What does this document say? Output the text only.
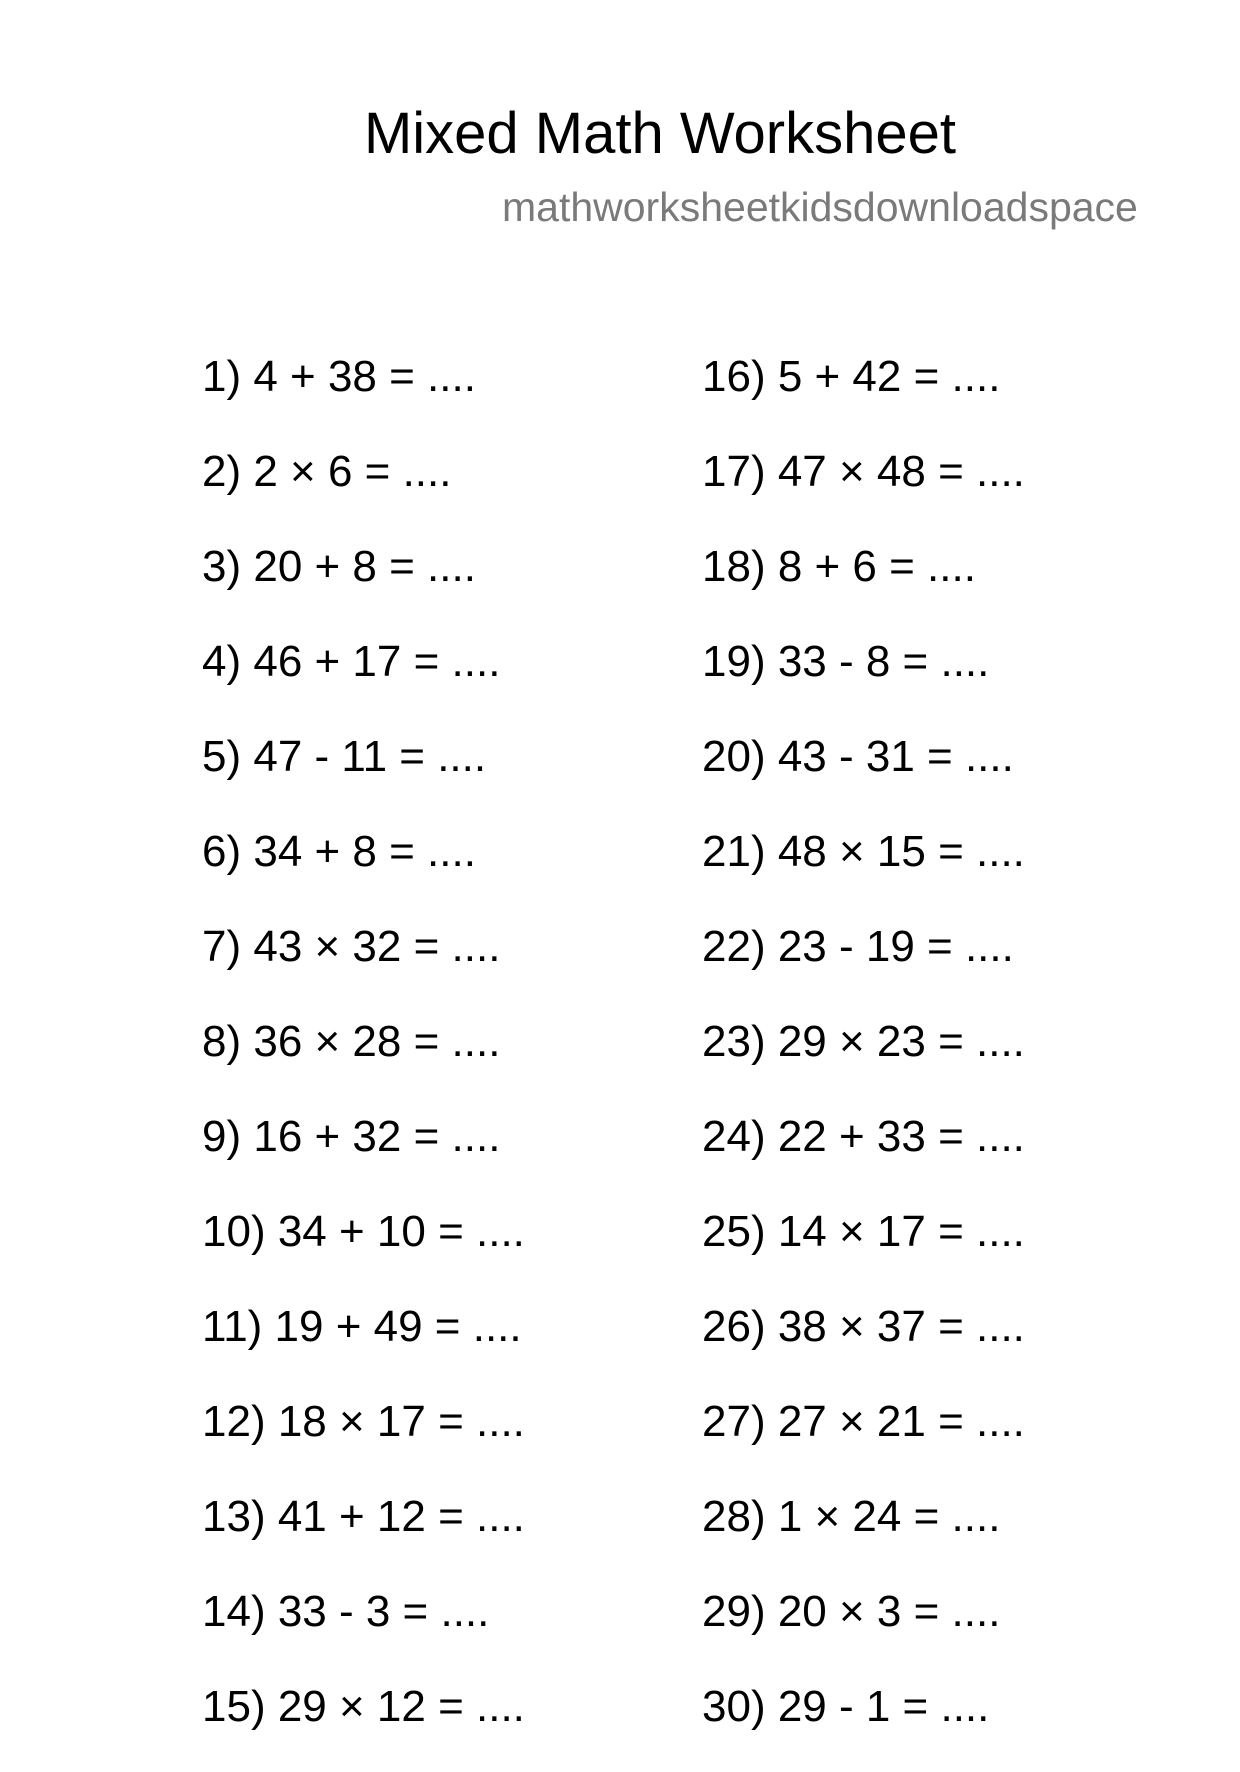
Mixed Math Worksheet
mathworksheetkidsdownloadspace
1) 4 + 38 = ....
2) 2 × 6 = ....
3) 20 + 8 = ....
4) 46 + 17 = ....
5) 47 - 11 = ....
6) 34 + 8 = ....
7) 43 × 32 = ....
8) 36 × 28 = ....
9) 16 + 32 = ....
10) 34 + 10 = ....
11) 19 + 49 = ....
12) 18 × 17 = ....
13) 41 + 12 = ....
14) 33 - 3 = ....
15) 29 × 12 = ....
16) 5 + 42 = ....
17) 47 × 48 = ....
18) 8 + 6 = ....
19) 33 - 8 = ....
20) 43 - 31 = ....
21) 48 × 15 = ....
22) 23 - 19 = ....
23) 29 × 23 = ....
24) 22 + 33 = ....
25) 14 × 17 = ....
26) 38 × 37 = ....
27) 27 × 21 = ....
28) 1 × 24 = ....
29) 20 × 3 = ....
30) 29 - 1 = ....
